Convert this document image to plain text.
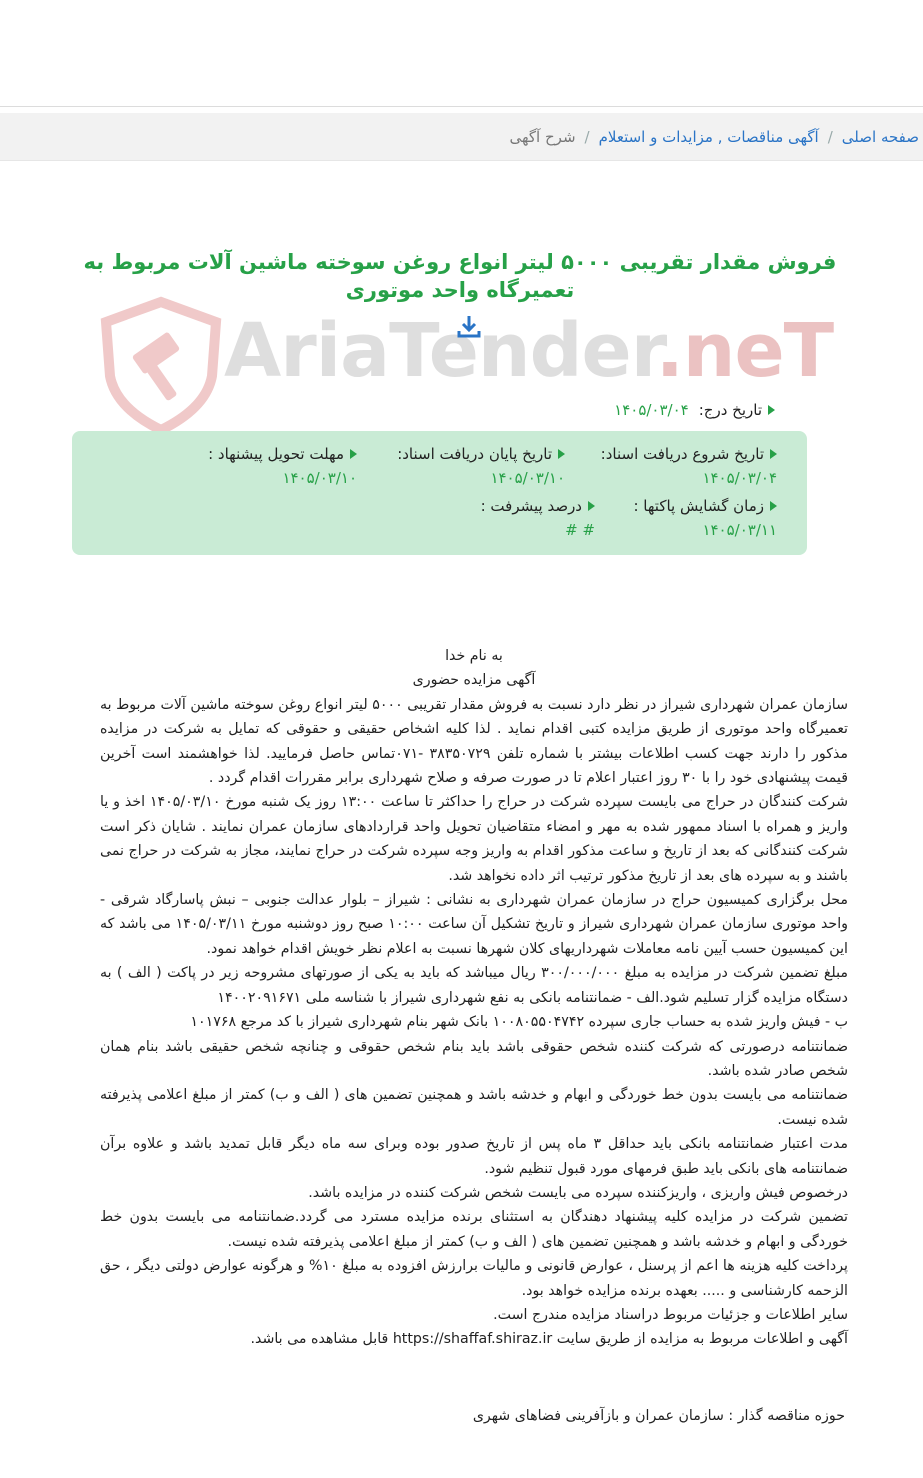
صفحه اصلی
/
آگهی مناقصات , مزایدات و استعلام
/
شرح آگهی
AriaTender.neT
فروش مقدار تقریبی ۵۰۰۰ لیتر انواع روغن سوخته ماشین آلات مربوط به تعمیرگاه واحد موتوری
تاریخ درج:
۱۴۰۵/۰۳/۰۴
تاریخ شروع دریافت اسناد:
۱۴۰۵/۰۳/۰۴
تاریخ پایان دریافت اسناد:
۱۴۰۵/۰۳/۱۰
مهلت تحویل پیشنهاد :
۱۴۰۵/۰۳/۱۰
زمان گشایش پاکتها :
۱۴۰۵/۰۳/۱۱
درصد پیشرفت :
# #

به نام خدا

آگهی مزایده حضوری

سازمان عمران شهرداری شیراز در نظر دارد نسبت به فروش مقدار تقریبی ۵۰۰۰ لیتر انواع روغن سوخته ماشین آلات مربوط به تعمیرگاه واحد موتوری از طریق مزایده کتبی اقدام نماید . لذا کلیه اشخاص حقیقی و حقوقی که تمایل به شرکت در مزایده مذکور را دارند جهت کسب اطلاعات بیشتر با شماره تلفن ۳۸۳۵۰۷۲۹ -۰۷۱تماس حاصل فرمایید. لذا خواهشمند است آخرین قیمت پیشنهادی خود را با ۳۰ روز اعتبار اعلام تا در صورت صرفه و صلاح شهرداری برابر مقررات اقدام گردد .

شرکت کنندگان در حراج می بایست سپرده شرکت در حراج را حداکثر تا ساعت ۱۳:۰۰ روز یک شنبه مورخ ۱۴۰۵/۰۳/۱۰ اخذ و یا واریز و همراه با اسناد ممهور شده به مهر و امضاء متقاضیان تحویل واحد قراردادهای سازمان عمران نمایند . شایان ذکر است شرکت کنندگانی که بعد از تاریخ و ساعت مذکور اقدام به واریز وجه سپرده شرکت در حراج نمایند، مجاز به شرکت در حراج نمی باشند و به سپرده های بعد از تاریخ مذکور ترتیب اثر داده نخواهد شد.

محل برگزاری کمیسیون حراج در سازمان عمران شهرداری به نشانی : شیراز – بلوار عدالت جنوبی – نبش پاسارگاد شرقی - واحد موتوری سازمان عمران شهرداری شیراز و تاریخ تشکیل آن ساعت ۱۰:۰۰ صبح روز دوشنبه مورخ ۱۴۰۵/۰۳/۱۱ می باشد که این کمیسیون حسب آیین نامه معاملات شهرداریهای کلان شهرها نسبت به اعلام نظر خویش اقدام خواهد نمود.

مبلغ تضمین شرکت در مزایده به مبلغ ۳۰۰/۰۰۰/۰۰۰ ریال میباشد که باید به یکی از صورتهای مشروحه زیر در پاکت ( الف ) به دستگاه مزایده گزار تسلیم شود.الف - ضمانتنامه بانکی به نفع شهرداری شیراز با شناسه ملی ۱۴۰۰۲۰۹۱۶۷۱

ب - فیش واریز شده به حساب جاری سپرده ۱۰۰۸۰۵۵۰۴۷۴۲ بانک شهر بنام شهرداری شیراز با کد مرجع ۱۰۱۷۶۸

ضمانتنامه درصورتی که شرکت کننده شخص حقوقی باشد باید بنام شخص حقوقی و چنانچه شخص حقیقی باشد بنام همان شخص صادر شده باشد.

ضمانتنامه می بایست بدون خط خوردگی و ابهام و خدشه باشد و همچنین تضمین های ( الف و ب) کمتر از مبلغ اعلامی پذیرفته شده نیست.

مدت اعتبار ضمانتنامه بانکی باید حداقل ۳ ماه پس از تاریخ صدور بوده وبرای سه ماه دیگر قابل تمدید باشد و علاوه برآن ضمانتنامه های بانکی باید طبق فرمهای مورد قبول تنظیم شود.

درخصوص فیش واریزی ، واریزکننده سپرده می بایست شخص شرکت کننده در مزایده باشد.

تضمین شرکت در مزایده کلیه پیشنهاد دهندگان به استثنای برنده مزایده مسترد می گردد.ضمانتنامه می بایست بدون خط خوردگی و ابهام و خدشه باشد و همچنین تضمین های ( الف و ب) کمتر از مبلغ اعلامی پذیرفته شده نیست.

پرداخت کلیه هزینه ها اعم از پرسنل ، عوارض قانونی و مالیات برارزش افزوده به مبلغ ۱۰% و هرگونه عوارض دولتی دیگر ، حق الزحمه کارشناسی و ..... بعهده برنده مزایده خواهد بود.

سایر اطلاعات و جزئیات مربوط دراسناد مزایده مندرج است.

آگهی و اطلاعات مربوط به مزایده از طریق سایت https://shaffaf.shiraz.ir قابل مشاهده می باشد.

حوزه مناقصه گذار : سازمان عمران و بازآفرینی فضاهای شهری
